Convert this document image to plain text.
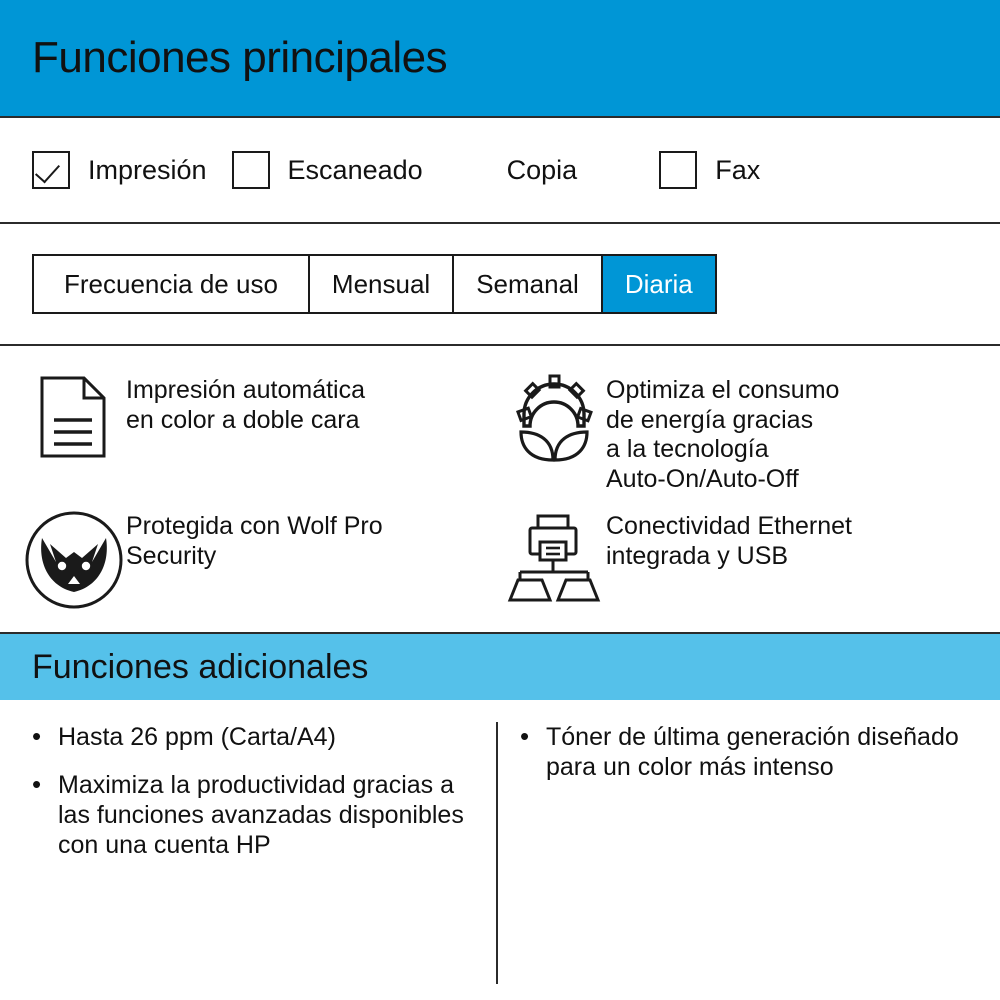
Funciones principales
Impresión	Escaneado	Copia	Fax
Frecuencia de uso	Mensual	Semanal	Diaria
Impresión automática
en color a doble cara
Optimiza el consumo
de energía gracias
a la tecnología
Auto-On/Auto-Off
Protegida con Wolf Pro
Security
Conectividad Ethernet
integrada y USB
Funciones adicionales
• Hasta 26 ppm (Carta/A4)
• Maximiza la productividad gracias a las funciones avanzadas disponibles con una cuenta HP
• Tóner de última generación diseñado para un color más intenso
